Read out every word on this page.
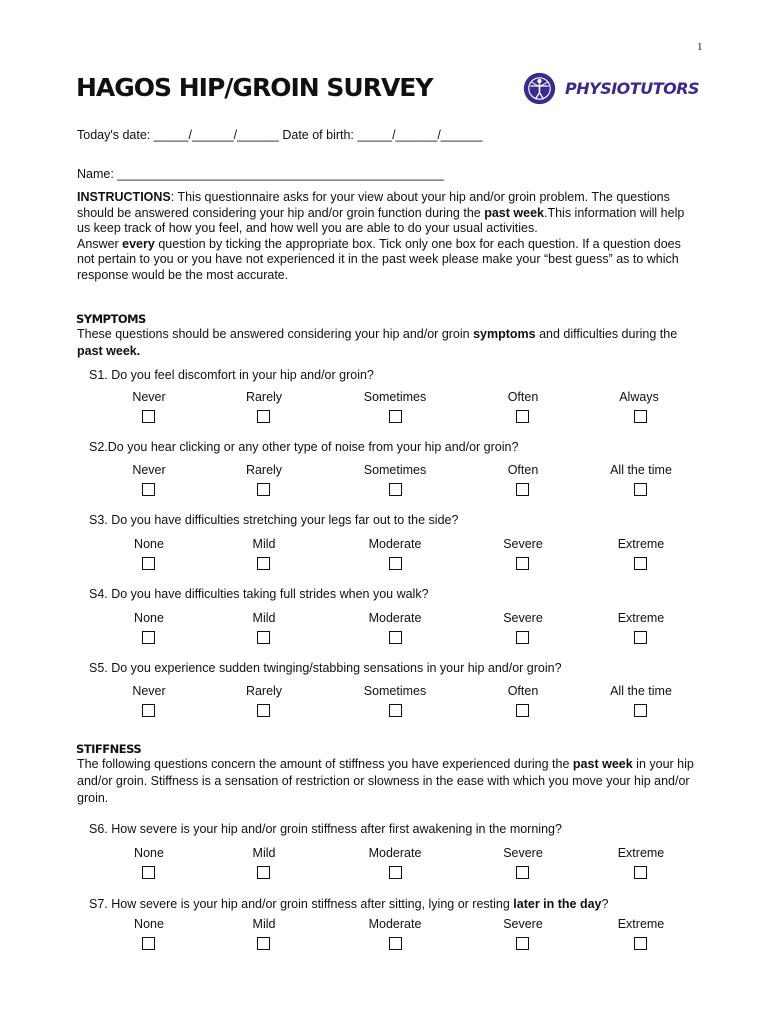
1
HAGOS HIP/GROIN SURVEY	PHYSIOTUTORS
Today's date: _____/______/______ Date of birth: _____/______/______
Name: _______________________________________________

INSTRUCTIONS: This questionnaire asks for your view about your hip and/or groin problem. The questions should be answered considering your hip and/or groin function during the past week.This information will help us keep track of how you feel, and how well you are able to do your usual activities.

Answer every question by ticking the appropriate box. Tick only one box for each question. If a question does not pertain to you or you have not experienced it in the past week please make your “best guess” as to which response would be the most accurate.

SYMPTOMS
These questions should be answered considering your hip and/or groin symptoms and difficulties during the past week.

S1. Do you feel discomfort in your hip and/or groin?

Never	Rarely	Sometimes	Often	Always

S2.Do you hear clicking or any other type of noise from your hip and/or groin?

Never	Rarely	Sometimes	Often	All the time

S3. Do you have difficulties stretching your legs far out to the side?

None	Mild	Moderate	Severe	Extreme

S4. Do you have difficulties taking full strides when you walk?

None	Mild	Moderate	Severe	Extreme

S5. Do you experience sudden twinging/stabbing sensations in your hip and/or groin?

Never	Rarely	Sometimes	Often	All the time
STIFFNESS
The following questions concern the amount of stiffness you have experienced during the past week in your hip and/or groin. Stiffness is a sensation of restriction or slowness in the ease with which you move your hip and/or groin.

S6. How severe is your hip and/or groin stiffness after first awakening in the morning?

None	Mild	Moderate	Severe	Extreme

S7. How severe is your hip and/or groin stiffness after sitting, lying or resting later in the day?

None	Mild	Moderate	Severe	Extreme
